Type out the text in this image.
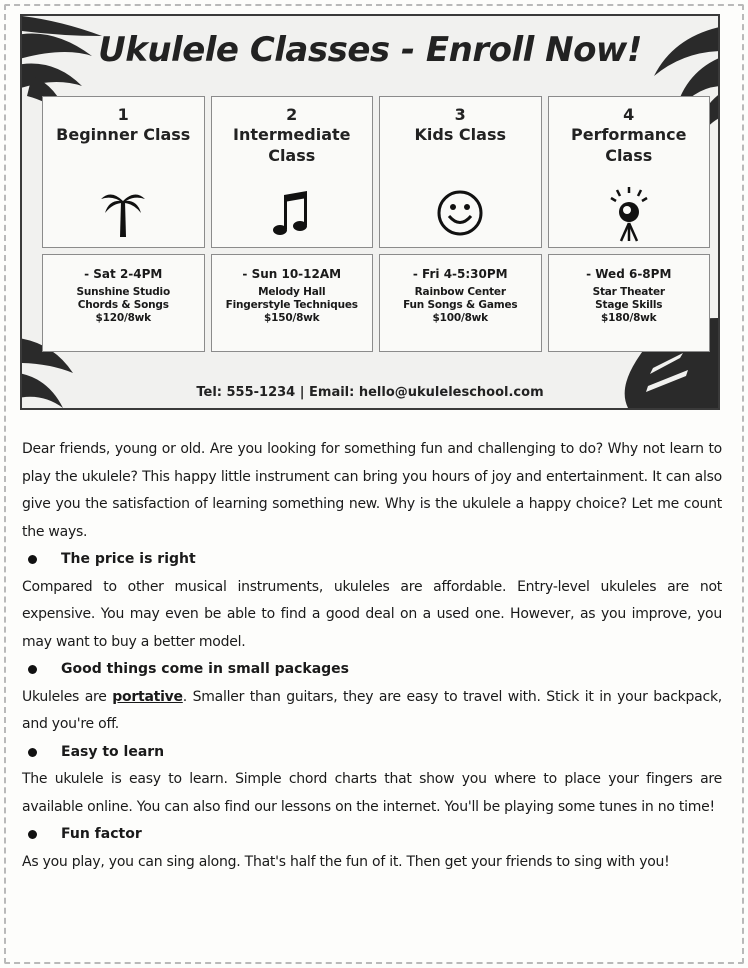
Ukulele Classes - Enroll Now!
1
Beginner Class
2
Intermediate Class
3
Kids Class
4
Performance Class
- Sat 2-4PM
Sunshine Studio
Chords & Songs
$120/8wk
- Sun 10-12AM
Melody Hall
Fingerstyle Techniques
$150/8wk
- Fri 4-5:30PM
Rainbow Center
Fun Songs & Games
$100/8wk
- Wed 6-8PM
Star Theater
Stage Skills
$180/8wk
Tel: 555-1234 | Email: hello@ukuleleschool.com

Dear friends, young or old. Are you looking for something fun and challenging to do? Why not learn to play the ukulele? This happy little instrument can bring you hours of joy and entertainment. It can also give you the satisfaction of learning something new. Why is the ukulele a happy choice? Let me count the ways.

The price is right

Compared to other musical instruments, ukuleles are affordable. Entry-level ukuleles are not expensive. You may even be able to find a good deal on a used one. However, as you improve, you may want to buy a better model.

Good things come in small packages

Ukuleles are portative. Smaller than guitars, they are easy to travel with. Stick it in your backpack, and you're off.

Easy to learn

The ukulele is easy to learn. Simple chord charts that show you where to place your fingers are available online. You can also find our lessons on the internet. You'll be playing some tunes in no time!

Fun factor

As you play, you can sing along. That's half the fun of it. Then get your friends to sing with you!
